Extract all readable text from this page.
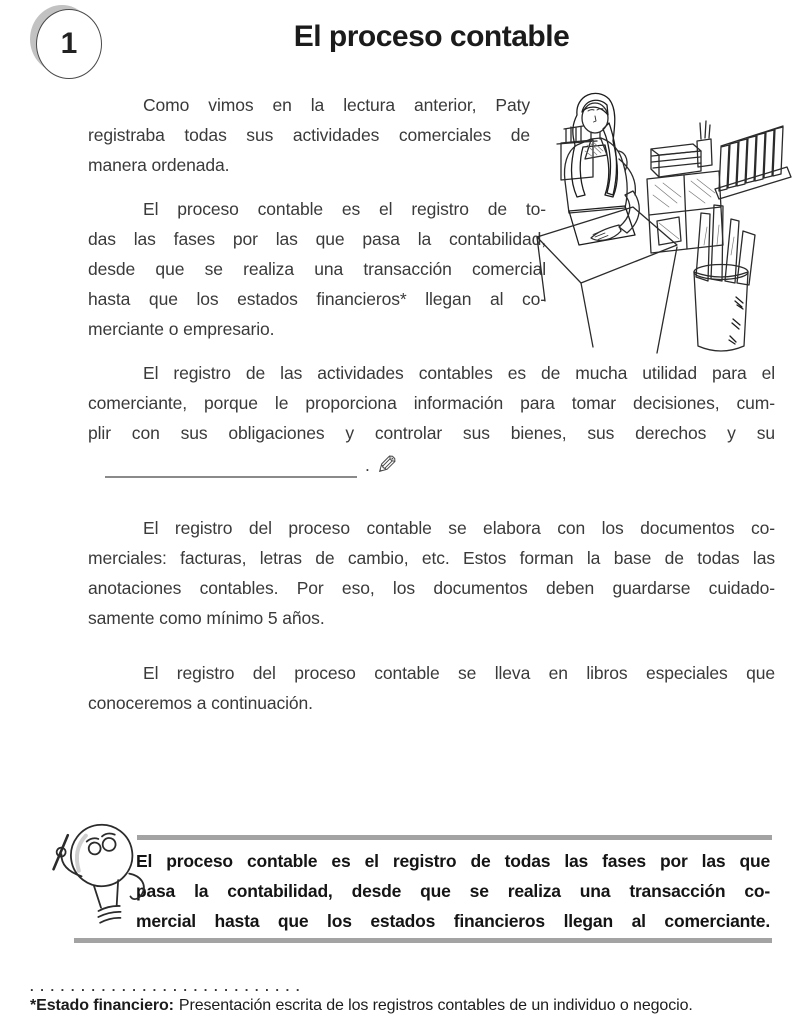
1	El proceso contable
Como vimos en la lectura anterior, Paty
registraba todas sus actividades comerciales de
manera ordenada.
El proceso contable es el registro de to-
das las fases por las que pasa la contabilidad,
desde que se realiza una transacción comercial
hasta que los estados financieros* llegan al co-
merciante o empresario.
El registro de las actividades contables es de mucha utilidad para el
comerciante, porque le proporciona información para tomar decisiones, cum-
plir con sus obligaciones y controlar sus bienes, sus derechos y su
. ✎
El registro del proceso contable se elabora con los documentos co-
merciales: facturas, letras de cambio, etc. Estos forman la base de todas las
anotaciones contables. Por eso, los documentos deben guardarse cuidado-
samente como mínimo 5 años.
El registro del proceso contable se lleva en libros especiales que
conoceremos a continuación.
El proceso contable es el registro de todas las fases por las que
pasa la contabilidad, desde que se realiza una transacción co-
mercial hasta que los estados financieros llegan al comerciante.
. . . . . . . . . . . . . . . . . . . . . . . . . . .
*Estado financiero: Presentación escrita de los registros contables de un individuo o negocio.
